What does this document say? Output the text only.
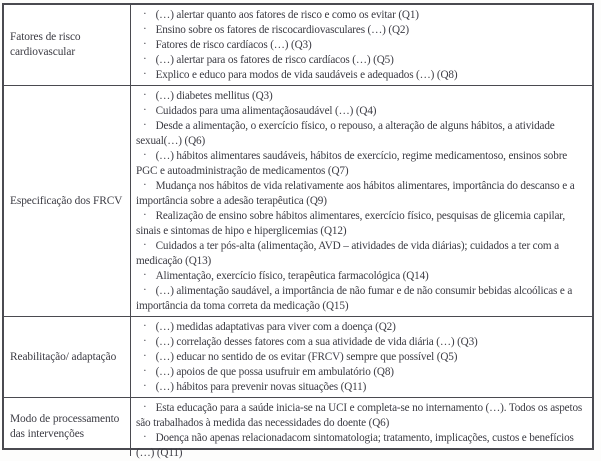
Fatores de risco cardiovascular
· (…) alertar quanto aos fatores de risco e como os evitar (Q1)
· Ensino sobre os fatores de riscocardiovasculares (…) (Q2)
· Fatores de risco cardíacos (…) (Q3)
· (…) alertar para os fatores de risco cardíacos (…) (Q5)
· Explico e educo para modos de vida saudáveis e adequados (…) (Q8)
Especificação dos FRCV
· (…) diabetes mellitus (Q3)
· Cuidados para uma alimentaçãosaudável (…) (Q4)
· Desde a alimentação, o exercício físico, o repouso, a alteração de alguns hábitos, a atividade sexual(…) (Q6)
· (…) hábitos alimentares saudáveis, hábitos de exercício, regime medicamentoso, ensinos sobre PGC e autoadministração de medicamentos (Q7)
· Mudança nos hábitos de vida relativamente aos hábitos alimentares, importância do descanso e a importância sobre a adesão terapêutica (Q9)
· Realização de ensino sobre hábitos alimentares, exercício físico, pesquisas de glicemia capilar, sinais e sintomas de hipo e hiperglicemias (Q12)
· Cuidados a ter pós-alta (alimentação, AVD – atividades de vida diárias); cuidados a ter com a medicação (Q13)
· Alimentação, exercício físico, terapêutica farmacológica (Q14)
· (…) alimentação saudável, a importância de não fumar e de não consumir bebidas alcoólicas e a importância da toma correta da medicação (Q15)
Reabilitação/ adaptação
· (…) medidas adaptativas para viver com a doença (Q2)
· (…) correlação desses fatores com a sua atividade de vida diária (…) (Q3)
· (…) educar no sentido de os evitar (FRCV) sempre que possível (Q5)
· (…) apoios de que possa usufruir em ambulatório (Q8)
· (…) hábitos para prevenir novas situações (Q11)
Modo de processamento das intervenções
· Esta educação para a saúde inicia-se na UCI e completa-se no internamento (…). Todos os aspetos são trabalhados à medida das necessidades do doente (Q6)
· Doença não apenas relacionadacom sintomatologia; tratamento, implicações, custos e benefícios (…) (Q11)
